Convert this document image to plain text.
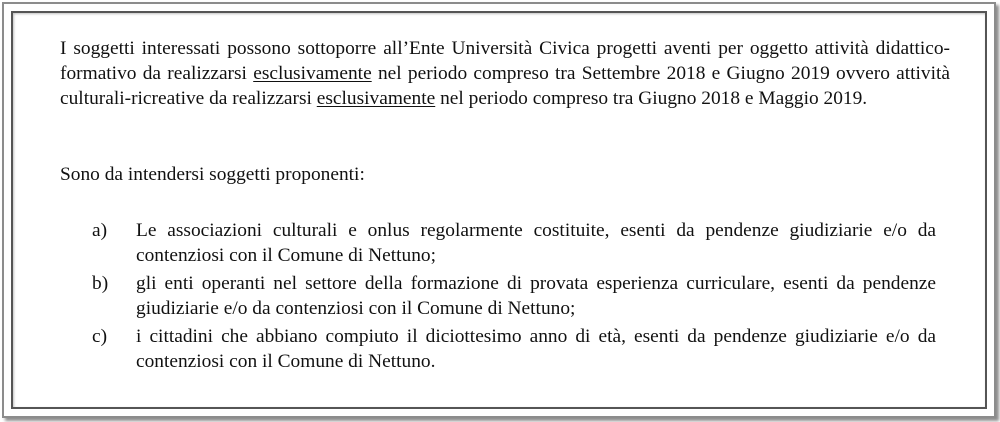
I soggetti interessati possono sottoporre all’Ente Università Civica progetti aventi per oggetto attività didattico-formativo da realizzarsi esclusivamente nel periodo compreso tra Settembre 2018 e Giugno 2019 ovvero attività culturali-ricreative da realizzarsi esclusivamente nel periodo compreso tra Giugno 2018 e Maggio 2019.

Sono da intendersi soggetti proponenti:

a)	Le associazioni culturali e onlus regolarmente costituite, esenti da pendenze giudiziarie e/o da contenziosi con il Comune di Nettuno;
b)	gli enti operanti nel settore della formazione di provata esperienza curriculare, esenti da pendenze giudiziarie e/o da contenziosi con il Comune di Nettuno;
c)	i cittadini che abbiano compiuto il diciottesimo anno di età, esenti da pendenze giudiziarie e/o da contenziosi con il Comune di Nettuno.
